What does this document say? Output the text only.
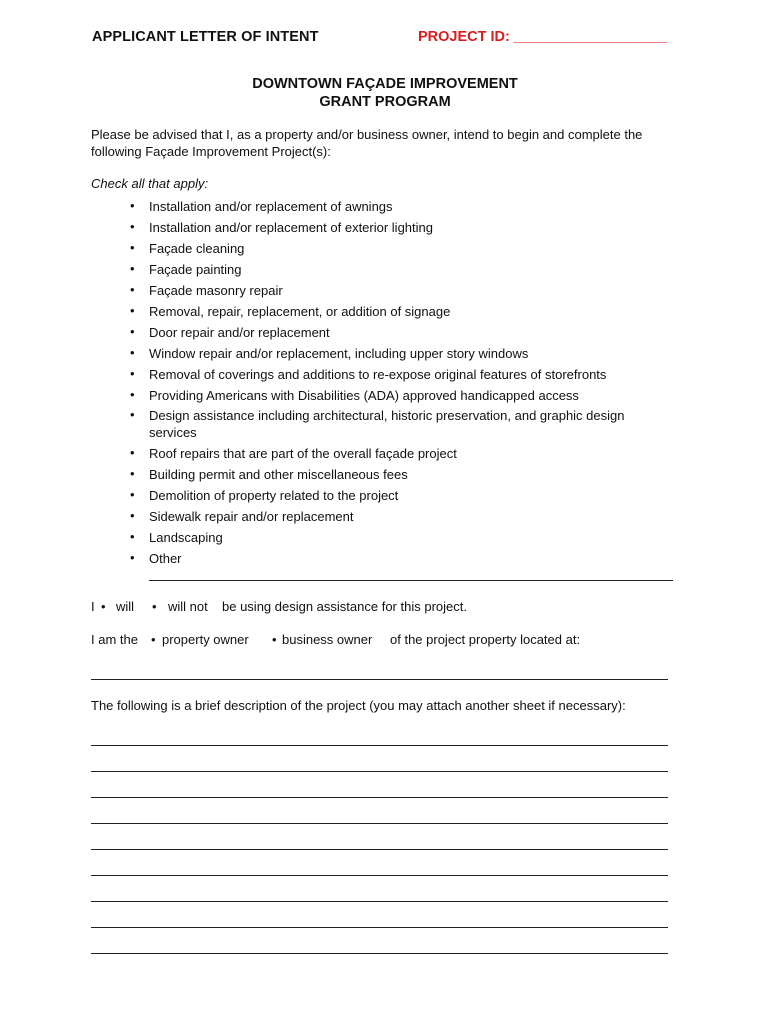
APPLICANT LETTER OF INTENT	PROJECT ID: ___________________
DOWNTOWN FAÇADE IMPROVEMENT
GRANT PROGRAM
Please be advised that I, as a property and/or business owner, intend to begin and complete the following Façade Improvement Project(s):
Check all that apply:
• Installation and/or replacement of awnings
• Installation and/or replacement of exterior lighting
• Façade cleaning
• Façade painting
• Façade masonry repair
• Removal, repair, replacement, or addition of signage
• Door repair and/or replacement
• Window repair and/or replacement, including upper story windows
• Removal of coverings and additions to re-expose original features of storefronts
• Providing Americans with Disabilities (ADA) approved handicapped access
• Design assistance including architectural, historic preservation, and graphic design services
• Roof repairs that are part of the overall façade project
• Building permit and other miscellaneous fees
• Demolition of property related to the project
• Sidewalk repair and/or replacement
• Landscaping
• Other
I • will • will not be using design assistance for this project.
I am the • property owner • business owner of the project property located at:
The following is a brief description of the project (you may attach another sheet if necessary):
